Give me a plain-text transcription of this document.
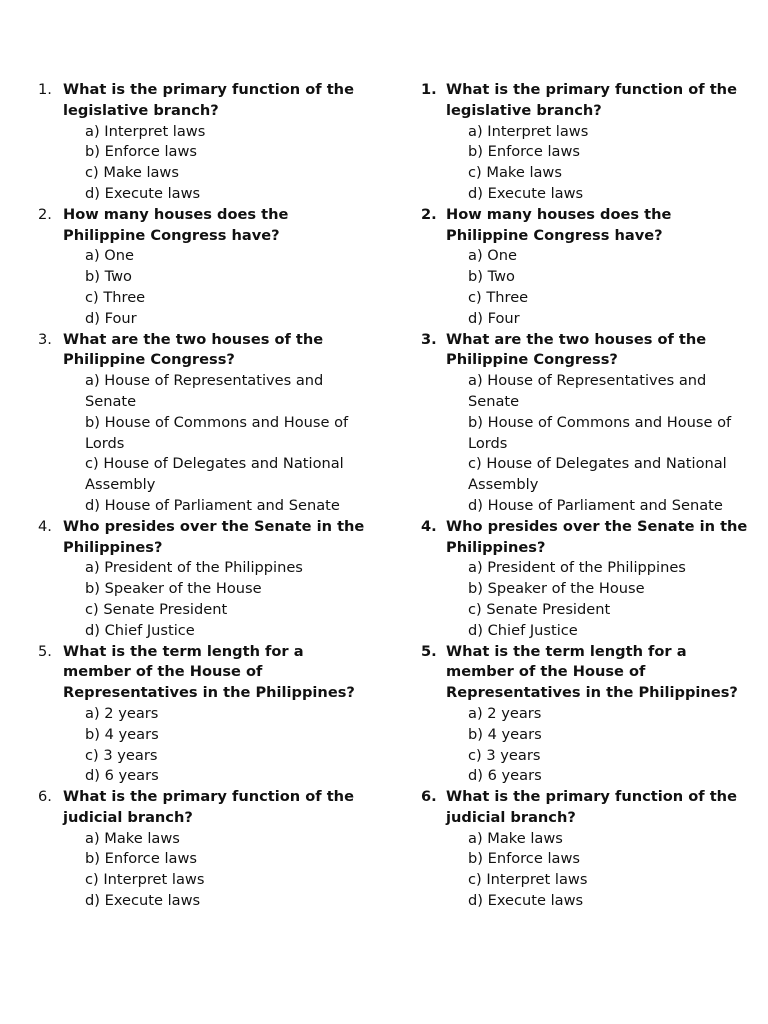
1. What is the primary function of the legislative branch?
a) Interpret laws
b) Enforce laws
c) Make laws
d) Execute laws
2. How many houses does the Philippine Congress have?
a) One
b) Two
c) Three
d) Four
3. What are the two houses of the Philippine Congress?
a) House of Representatives and Senate
b) House of Commons and House of Lords
c) House of Delegates and National Assembly
d) House of Parliament and Senate
4. Who presides over the Senate in the Philippines?
a) President of the Philippines
b) Speaker of the House
c) Senate President
d) Chief Justice
5. What is the term length for a member of the House of Representatives in the Philippines?
a) 2 years
b) 4 years
c) 3 years
d) 6 years
6. What is the primary function of the judicial branch?
a) Make laws
b) Enforce laws
c) Interpret laws
d) Execute laws
1. What is the primary function of the legislative branch?
a) Interpret laws
b) Enforce laws
c) Make laws
d) Execute laws
2. How many houses does the Philippine Congress have?
a) One
b) Two
c) Three
d) Four
3. What are the two houses of the Philippine Congress?
a) House of Representatives and Senate
b) House of Commons and House of Lords
c) House of Delegates and National Assembly
d) House of Parliament and Senate
4. Who presides over the Senate in the Philippines?
a) President of the Philippines
b) Speaker of the House
c) Senate President
d) Chief Justice
5. What is the term length for a member of the House of Representatives in the Philippines?
a) 2 years
b) 4 years
c) 3 years
d) 6 years
6. What is the primary function of the judicial branch?
a) Make laws
b) Enforce laws
c) Interpret laws
d) Execute laws
